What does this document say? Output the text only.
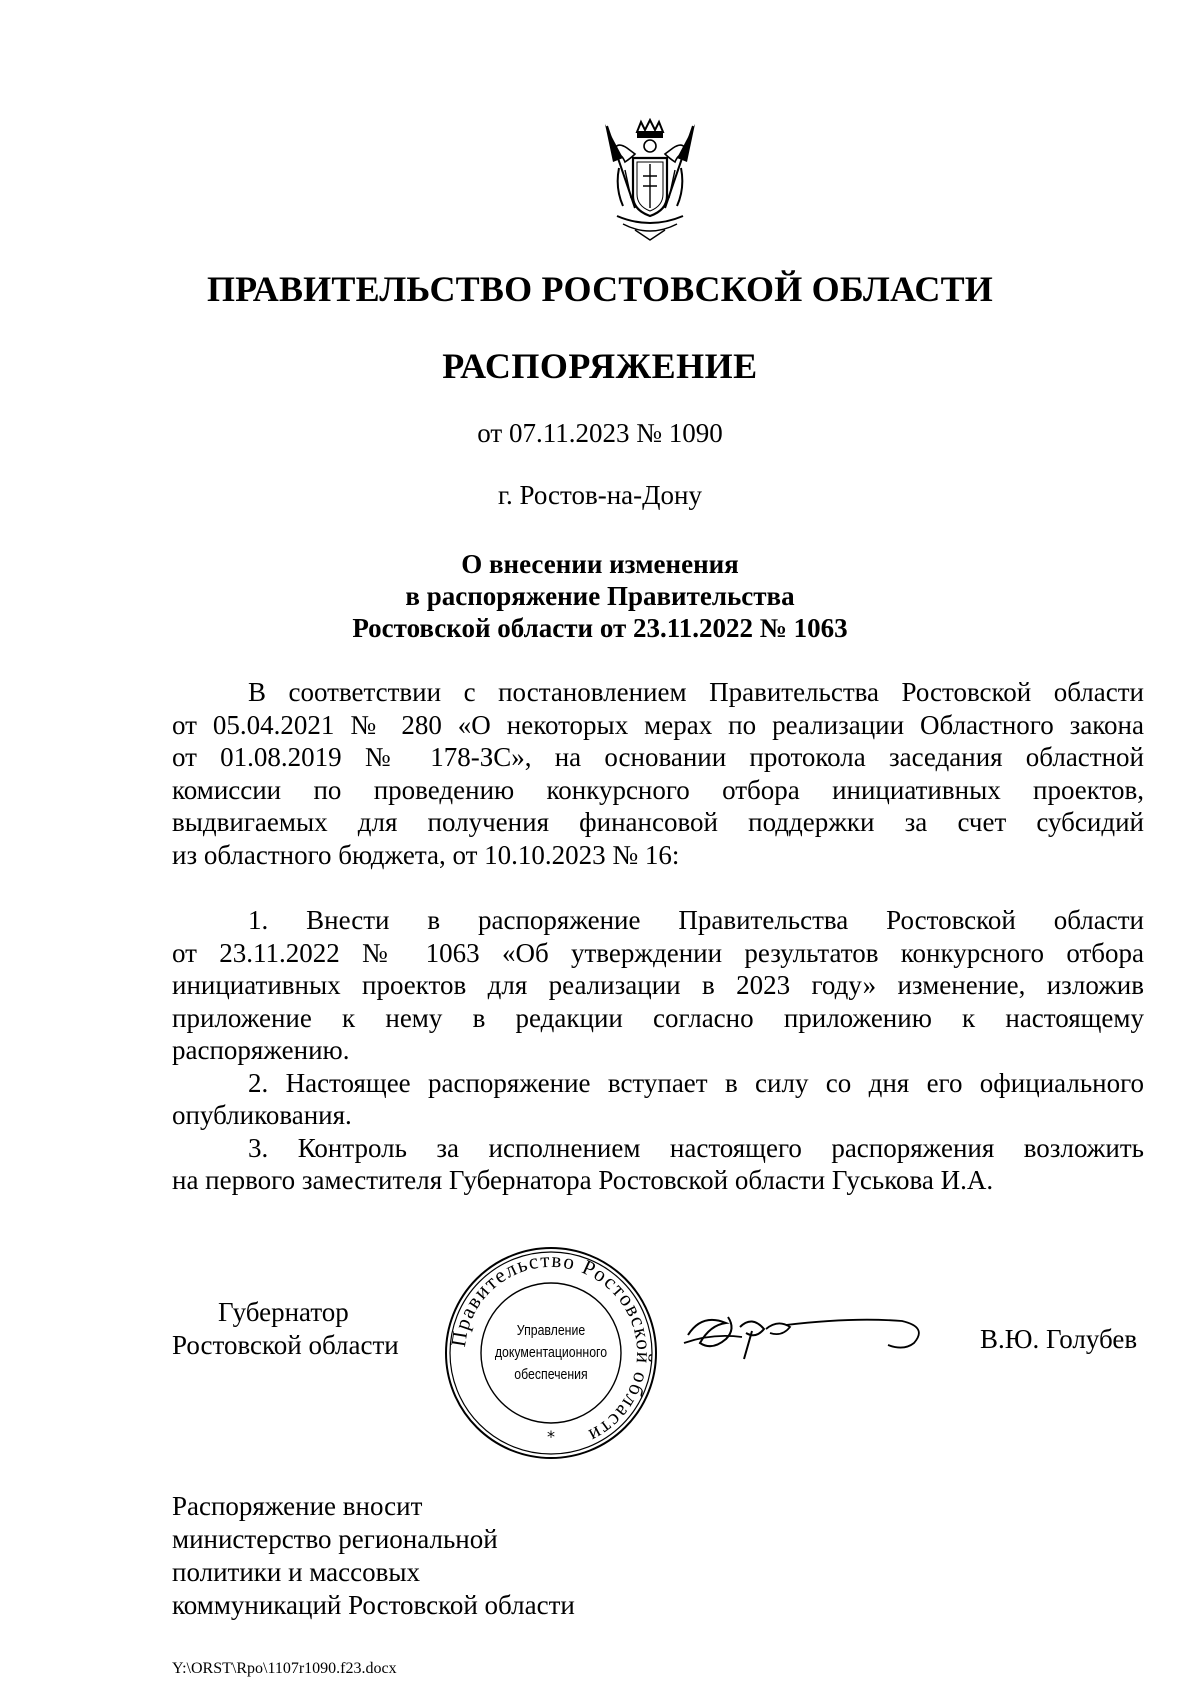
ПРАВИТЕЛЬСТВО РОСТОВСКОЙ ОБЛАСТИ
РАСПОРЯЖЕНИЕ
от 07.11.2023 № 1090
г. Ростов-на-Дону
О внесении изменения
в распоряжение Правительства
Ростовской области от 23.11.2022 № 1063
В соответствии с постановлением Правительства Ростовской области
от 05.04.2021 № 280 «О некоторых мерах по реализации Областного закона
от 01.08.2019 № 178-ЗС», на основании протокола заседания областной
комиссии по проведению конкурсного отбора инициативных проектов,
выдвигаемых для получения финансовой поддержки за счет субсидий
из областного бюджета, от 10.10.2023 № 16:
1. Внести в распоряжение Правительства Ростовской области
от 23.11.2022 № 1063 «Об утверждении результатов конкурсного отбора
инициативных проектов для реализации в 2023 году» изменение, изложив
приложение к нему в редакции согласно приложению к настоящему
распоряжению.
2. Настоящее распоряжение вступает в силу со дня его официального
опубликования.
3. Контроль за исполнением настоящего распоряжения возложить
на первого заместителя Губернатора Ростовской области Гуськова И.А.
Губернатор
Ростовской области Правительство Ростовской области
*
Управление
документационного
обеспечения
В.Ю. Голубев
Распоряжение вносит
министерство региональной
политики и массовых
коммуникаций Ростовской области
Y:\ORST\Rpo\1107r1090.f23.docx
